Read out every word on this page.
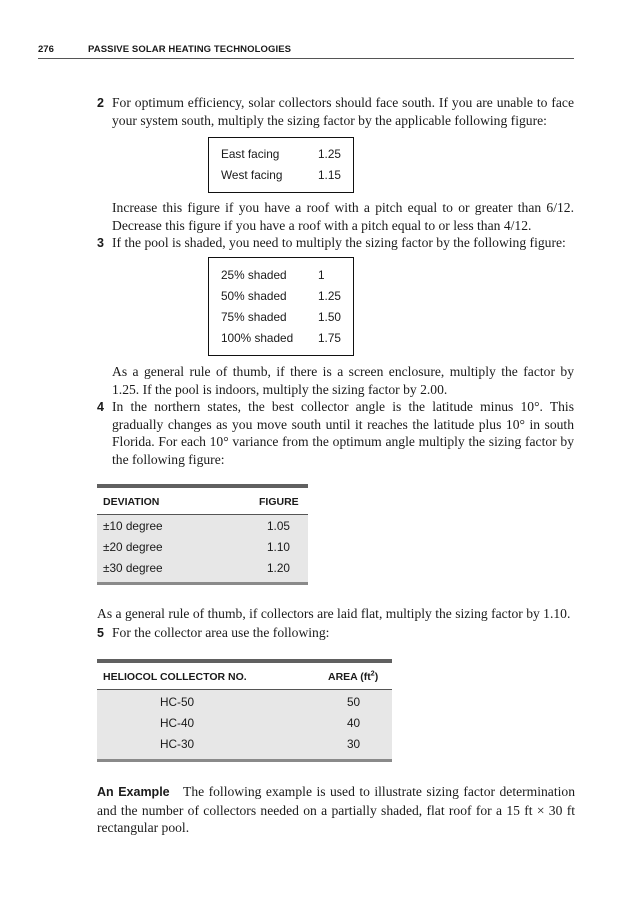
276	PASSIVE SOLAR HEATING TECHNOLOGIES
2 For optimum efficiency, solar collectors should face south. If you are unable to face your system south, multiply the sizing factor by the applicable following figure:
East facing	1.25
West facing	1.15
Increase this figure if you have a roof with a pitch equal to or greater than 6/12. Decrease this figure if you have a roof with a pitch equal to or less than 4/12.
3 If the pool is shaded, you need to multiply the sizing factor by the following figure:
25% shaded	1
50% shaded	1.25
75% shaded	1.50
100% shaded 1.75
As a general rule of thumb, if there is a screen enclosure, multiply the factor by 1.25. If the pool is indoors, multiply the sizing factor by 2.00.
4 In the northern states, the best collector angle is the latitude minus 10°. This gradually changes as you move south until it reaches the latitude plus 10° in south Florida. For each 10° variance from the optimum angle multiply the sizing factor by the following figure:
DEVIATION	FIGURE
±10 degree	1.05
±20 degree	1.10
±30 degree	1.20
As a general rule of thumb, if collectors are laid flat, multiply the sizing factor by 1.10.
5 For the collector area use the following:
HELIOCOL COLLECTOR NO.	AREA $(ft^2)$
HC-50	50
HC-40	40
HC-30	30
An Example The following example is used to illustrate sizing factor determination and the number of collectors needed on a partially shaded, flat roof for a 15 ft × 30 ft rectangular pool.
